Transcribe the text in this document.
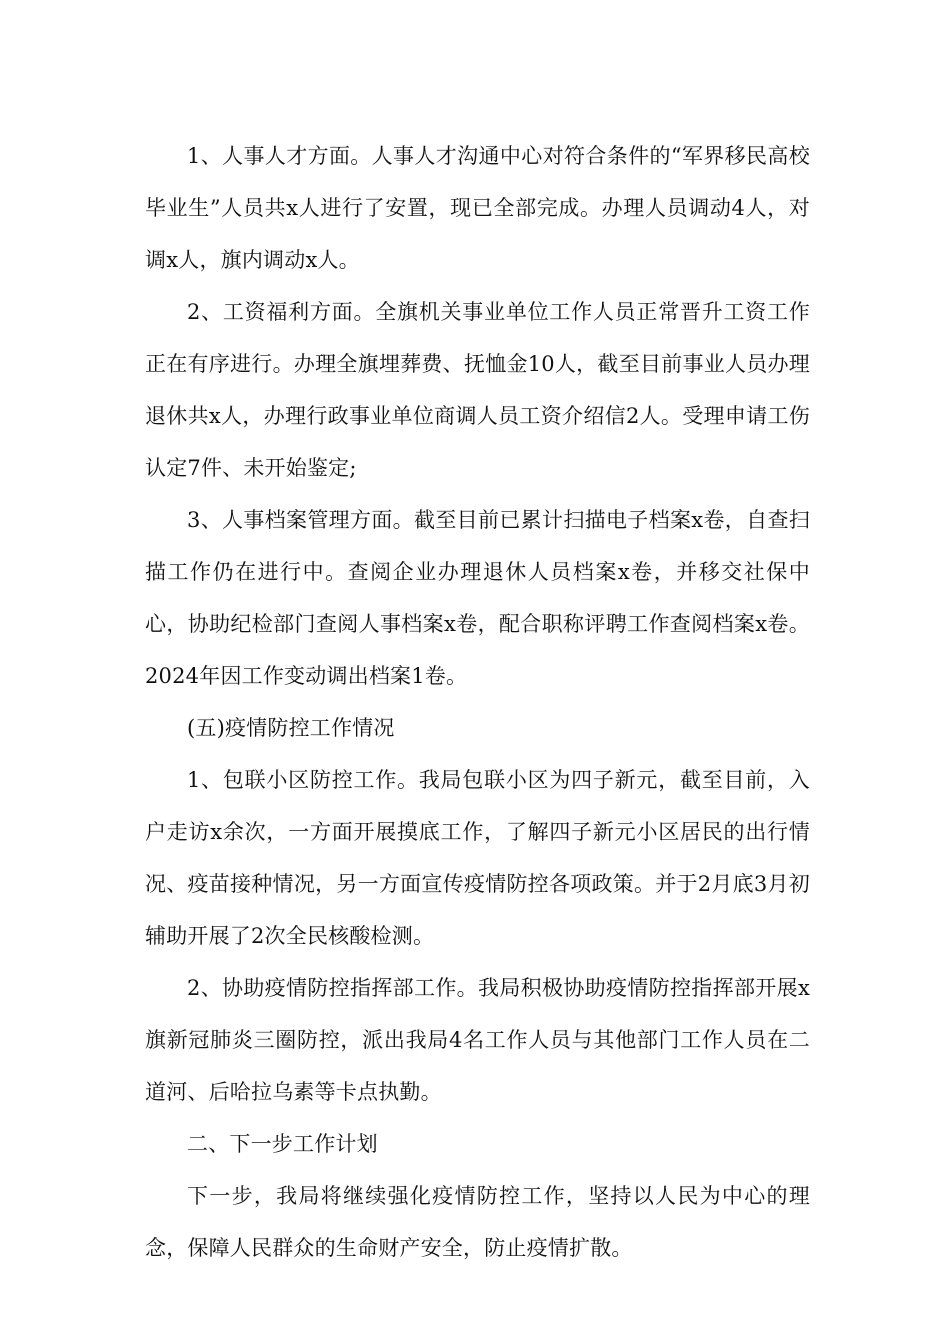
1、人事人才方面。人事人才沟通中心对符合条件的“军界移民高校毕业生”人员共x人进行了安置，现已全部完成。办理人员调动4人，对调x人，旗内调动x人。

2、工资福利方面。全旗机关事业单位工作人员正常晋升工资工作正在有序进行。办理全旗埋葬费、抚恤金10人，截至目前事业人员办理退休共x人，办理行政事业单位商调人员工资介绍信2人。受理申请工伤认定7件、未开始鉴定;

3、人事档案管理方面。截至目前已累计扫描电子档案x卷，自查扫描工作仍在进行中。查阅企业办理退休人员档案x卷，并移交社保中心，协助纪检部门查阅人事档案x卷，配合职称评聘工作查阅档案x卷。2024年因工作变动调出档案1卷。

(五)疫情防控工作情况

1、包联小区防控工作。我局包联小区为四子新元，截至目前，入户走访x余次，一方面开展摸底工作，了解四子新元小区居民的出行情况、疫苗接种情况，另一方面宣传疫情防控各项政策。并于2月底3月初辅助开展了2次全民核酸检测。

2、协助疫情防控指挥部工作。我局积极协助疫情防控指挥部开展x旗新冠肺炎三圈防控，派出我局4名工作人员与其他部门工作人员在二道河、后哈拉乌素等卡点执勤。

二、下一步工作计划

下一步，我局将继续强化疫情防控工作，坚持以人民为中心的理念，保障人民群众的生命财产安全，防止疫情扩散。
